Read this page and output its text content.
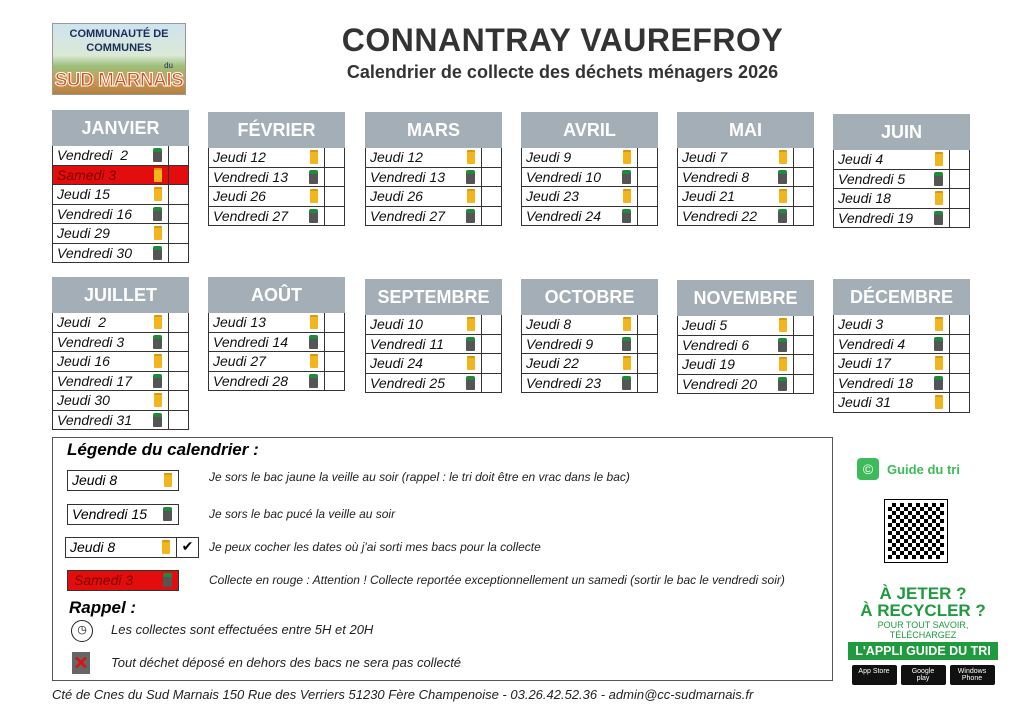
COMMUNAUTÉ DE
COMMUNES
du
SUD MARNAIS
CONNANTRAY VAUREFROY
Calendrier de collecte des déchets ménagers 2026
JANVIER
Vendredi  2
Samedi 3
Jeudi 15
Vendredi 16
Jeudi 29
Vendredi 30
FÉVRIER
Jeudi 12
Vendredi 13
Jeudi 26
Vendredi 27
MARS
Jeudi 12
Vendredi 13
Jeudi 26
Vendredi 27
AVRIL
Jeudi 9
Vendredi 10
Jeudi 23
Vendredi 24
MAI
Jeudi 7
Vendredi 8
Jeudi 21
Vendredi 22
JUIN
Jeudi 4
Vendredi 5
Jeudi 18
Vendredi 19
JUILLET
Jeudi  2
Vendredi 3
Jeudi 16
Vendredi 17
Jeudi 30
Vendredi 31
AOÛT
Jeudi 13
Vendredi 14
Jeudi 27
Vendredi 28
SEPTEMBRE
Jeudi 10
Vendredi 11
Jeudi 24
Vendredi 25
OCTOBRE
Jeudi 8
Vendredi 9
Jeudi 22
Vendredi 23
NOVEMBRE
Jeudi 5
Vendredi 6
Jeudi 19
Vendredi 20
DÉCEMBRE
Jeudi 3
Vendredi 4
Jeudi 17
Vendredi 18
Jeudi 31
Légende du calendrier :
Jeudi 8	Je sors le bac jaune la veille au soir (rappel : le tri doit être en vrac dans le bac)
Vendredi 15	Je sors le bac pucé la veille au soir
Jeudi 8	✔	Je peux cocher les dates où j'ai sorti mes bacs pour la collecte
Samedi 3	Collecte en rouge : Attention ! Collecte reportée exceptionnellement un samedi (sortir le bac le vendredi soir)
Rappel :
◷	Les collectes sont effectuées entre 5H et 20H
✕ Tout déchet déposé en dehors des bacs ne sera pas collecté
©	Guide du tri
À JETER ?
À RECYCLER ?
POUR TOUT SAVOIR, TÉLÉCHARGEZ
L'APPLI GUIDE DU TRI
App Store	Google play
Windows Phone
Cté de Cnes du Sud Marnais 150 Rue des Verriers 51230 Fère Champenoise - 03.26.42.52.36 - admin@cc-sudmarnais.fr
